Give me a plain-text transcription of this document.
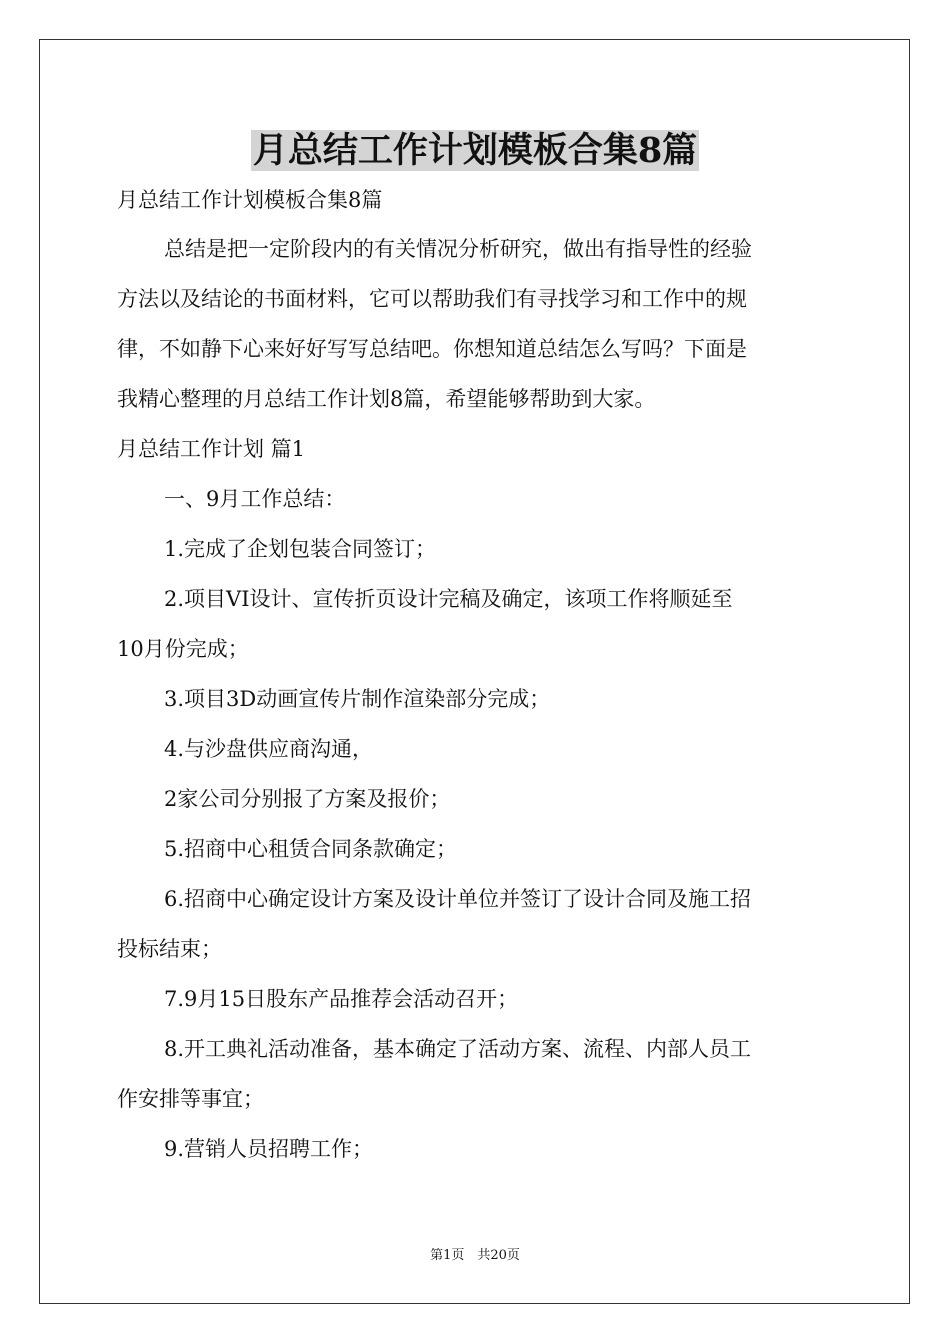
月总结工作计划模板合集8篇
月总结工作计划模板合集8篇
总结是把一定阶段内的有关情况分析研究，做出有指导性的经验
方法以及结论的书面材料，它可以帮助我们有寻找学习和工作中的规
律，不如静下心来好好写写总结吧。你想知道总结怎么写吗？下面是
我精心整理的月总结工作计划8篇，希望能够帮助到大家。
月总结工作计划 篇1
一、9月工作总结：
1.完成了企划包装合同签订；
2.项目VI设计、宣传折页设计完稿及确定，该项工作将顺延至
10月份完成；
3.项目3D动画宣传片制作渲染部分完成；
4.与沙盘供应商沟通，
2家公司分别报了方案及报价；
5.招商中心租赁合同条款确定；
6.招商中心确定设计方案及设计单位并签订了设计合同及施工招
投标结束；
7.9月15日股东产品推荐会活动召开；
8.开工典礼活动准备，基本确定了活动方案、流程、内部人员工
作安排等事宜；
9.营销人员招聘工作；
第1页　共20页
